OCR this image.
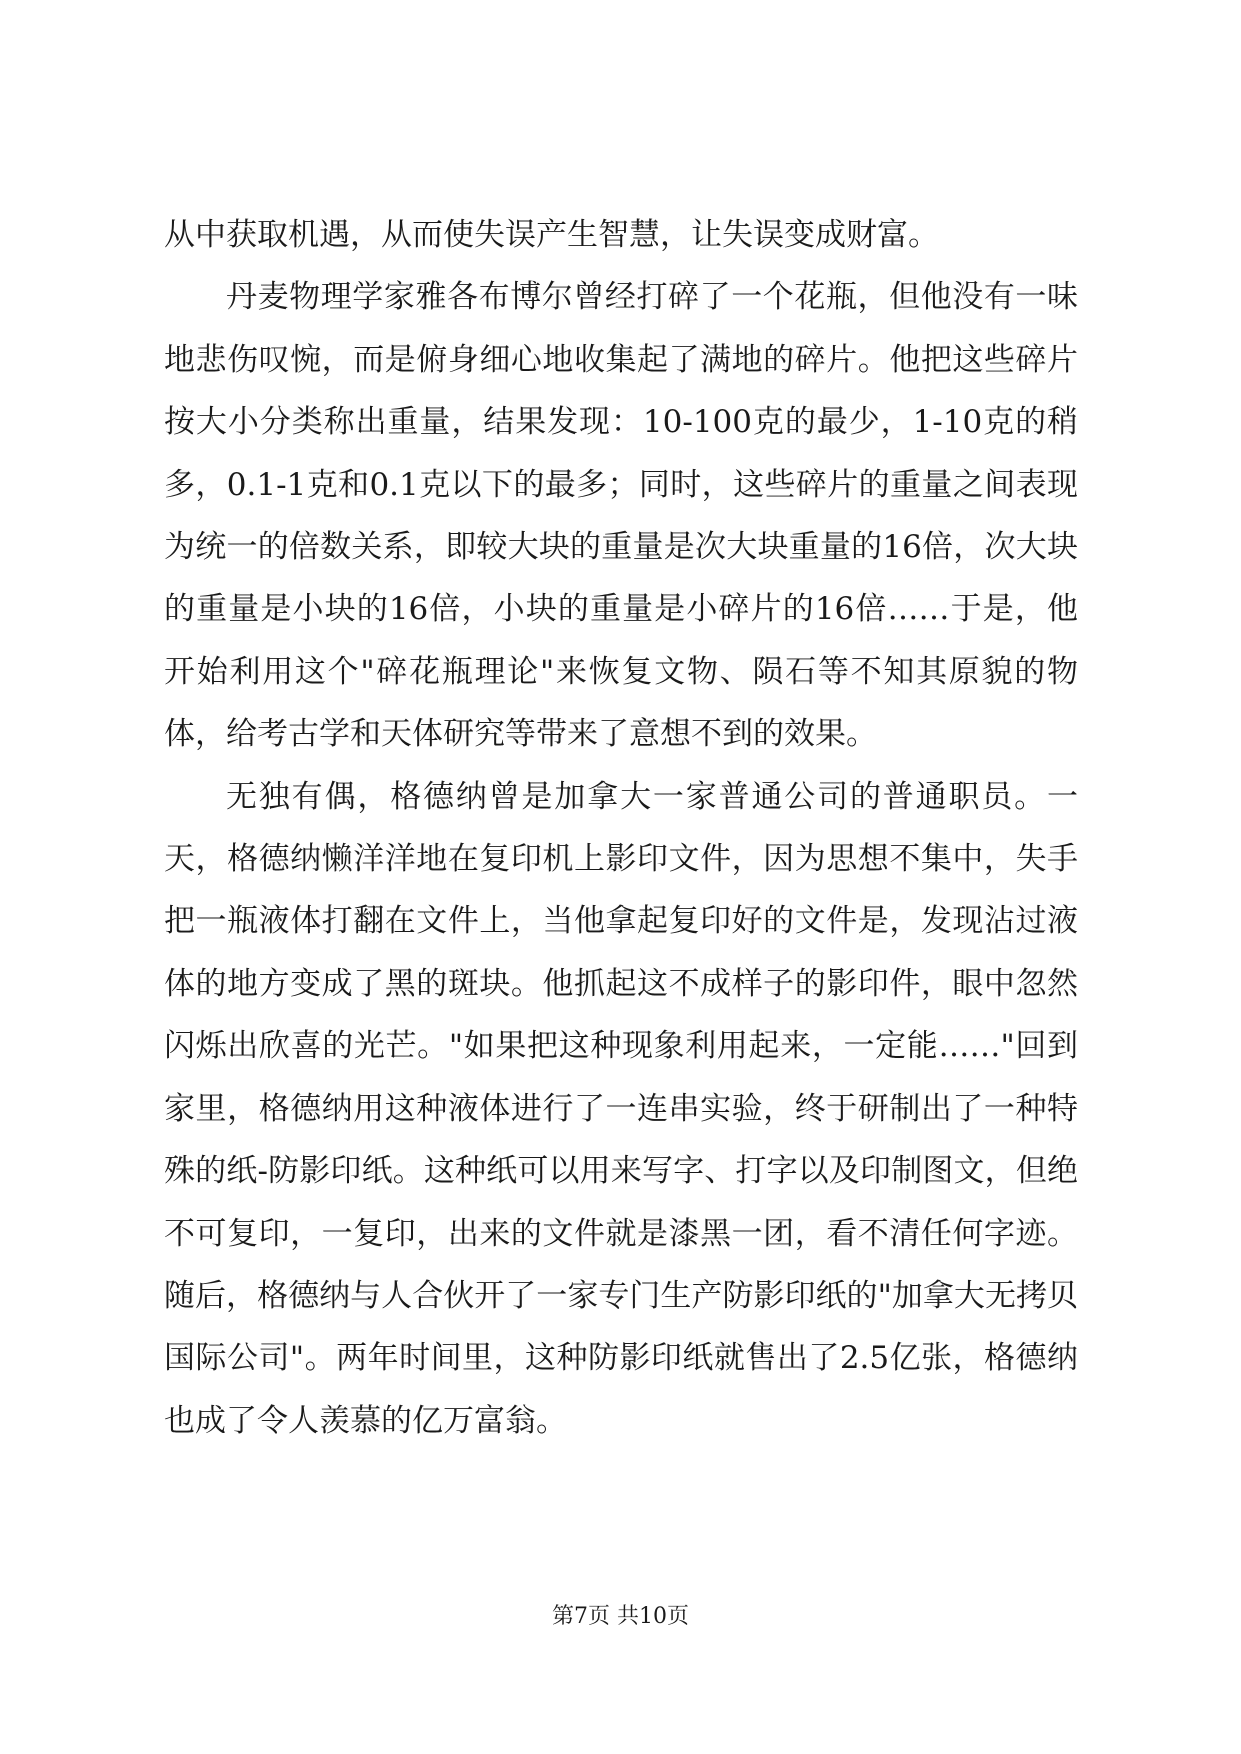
从中获取机遇，从而使失误产生智慧，让失误变成财富。

丹麦物理学家雅各布博尔曾经打碎了一个花瓶，但他没有一味地悲伤叹惋，而是俯身细心地收集起了满地的碎片。他把这些碎片按大小分类称出重量，结果发现：10-100克的最少，1-10克的稍多，0.1-1克和0.1克以下的最多；同时，这些碎片的重量之间表现为统一的倍数关系，即较大块的重量是次大块重量的16倍，次大块的重量是小块的16倍，小块的重量是小碎片的16倍……于是，他开始利用这个"碎花瓶理论"来恢复文物、陨石等不知其原貌的物体，给考古学和天体研究等带来了意想不到的效果。

无独有偶，格德纳曾是加拿大一家普通公司的普通职员。一天，格德纳懒洋洋地在复印机上影印文件，因为思想不集中，失手把一瓶液体打翻在文件上，当他拿起复印好的文件是，发现沾过液体的地方变成了黑的斑块。他抓起这不成样子的影印件，眼中忽然闪烁出欣喜的光芒。"如果把这种现象利用起来，一定能……"回到家里，格德纳用这种液体进行了一连串实验，终于研制出了一种特殊的纸-防影印纸。这种纸可以用来写字、打字以及印制图文，但绝不可复印，一复印，出来的文件就是漆黑一团，看不清任何字迹。随后，格德纳与人合伙开了一家专门生产防影印纸的"加拿大无拷贝国际公司"。两年时间里，这种防影印纸就售出了2.5亿张，格德纳也成了令人羡慕的亿万富翁。

第7页 共10页
